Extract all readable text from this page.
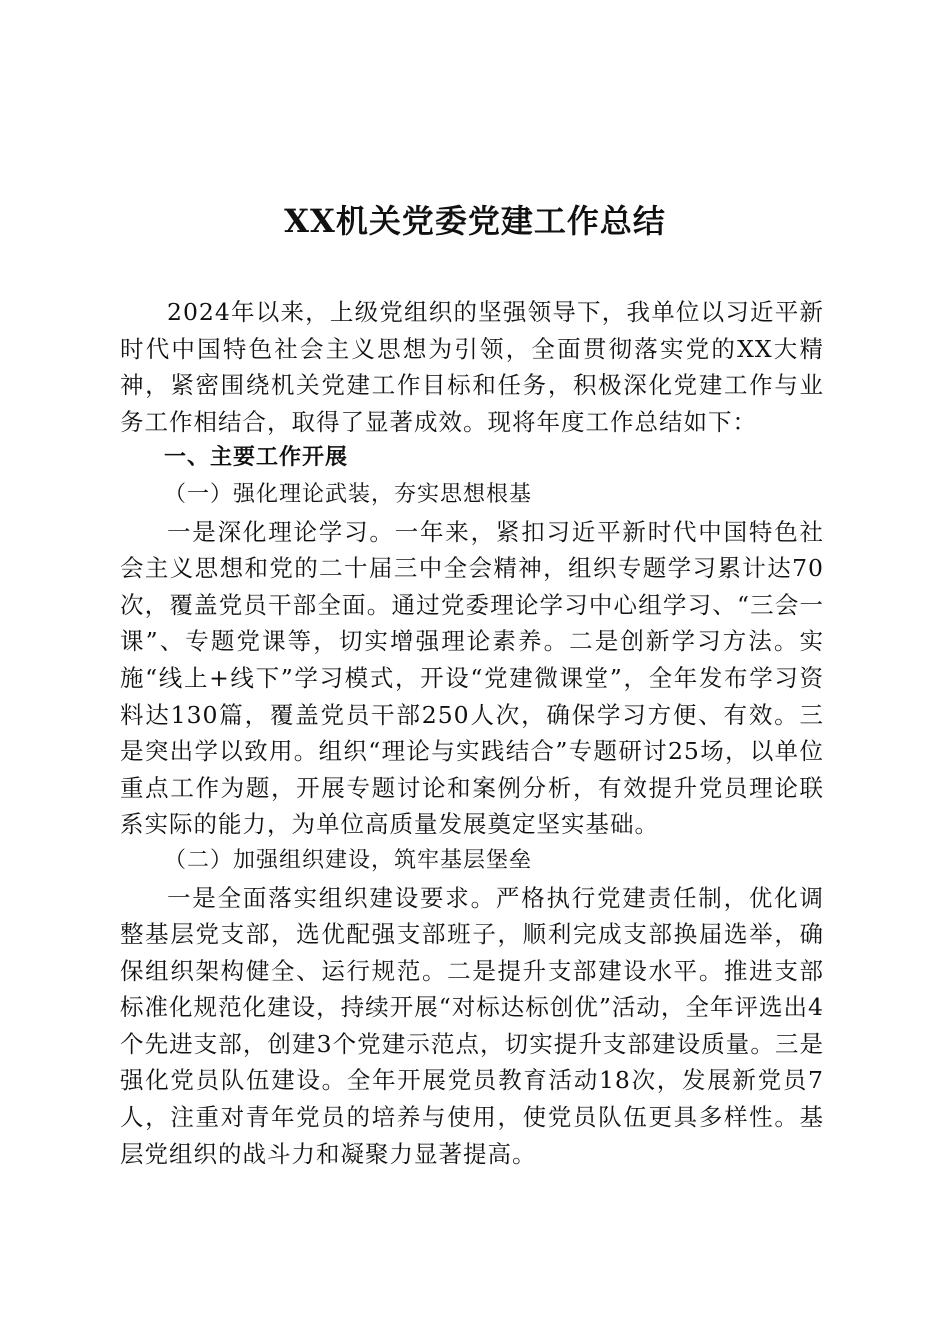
XX机关党委党建工作总结

2024年以来，上级党组织的坚强领导下，我单位以习近平新时代中国特色社会主义思想为引领，全面贯彻落实党的XX大精神，紧密围绕机关党建工作目标和任务，积极深化党建工作与业务工作相结合，取得了显著成效。现将年度工作总结如下：

一、主要工作开展

（一）强化理论武装，夯实思想根基

一是深化理论学习。一年来，紧扣习近平新时代中国特色社会主义思想和党的二十届三中全会精神，组织专题学习累计达70次，覆盖党员干部全面。通过党委理论学习中心组学习、“三会一课”、专题党课等，切实增强理论素养。二是创新学习方法。实施“线上+线下”学习模式，开设“党建微课堂”，全年发布学习资料达130篇，覆盖党员干部250人次，确保学习方便、有效。三是突出学以致用。组织“理论与实践结合”专题研讨25场，以单位重点工作为题，开展专题讨论和案例分析，有效提升党员理论联系实际的能力，为单位高质量发展奠定坚实基础。

（二）加强组织建设，筑牢基层堡垒

一是全面落实组织建设要求。严格执行党建责任制，优化调整基层党支部，选优配强支部班子，顺利完成支部换届选举，确保组织架构健全、运行规范。二是提升支部建设水平。推进支部标准化规范化建设，持续开展“对标达标创优”活动，全年评选出4个先进支部，创建3个党建示范点，切实提升支部建设质量。三是强化党员队伍建设。全年开展党员教育活动18次，发展新党员7人，注重对青年党员的培养与使用，使党员队伍更具多样性。基层党组织的战斗力和凝聚力显著提高。
